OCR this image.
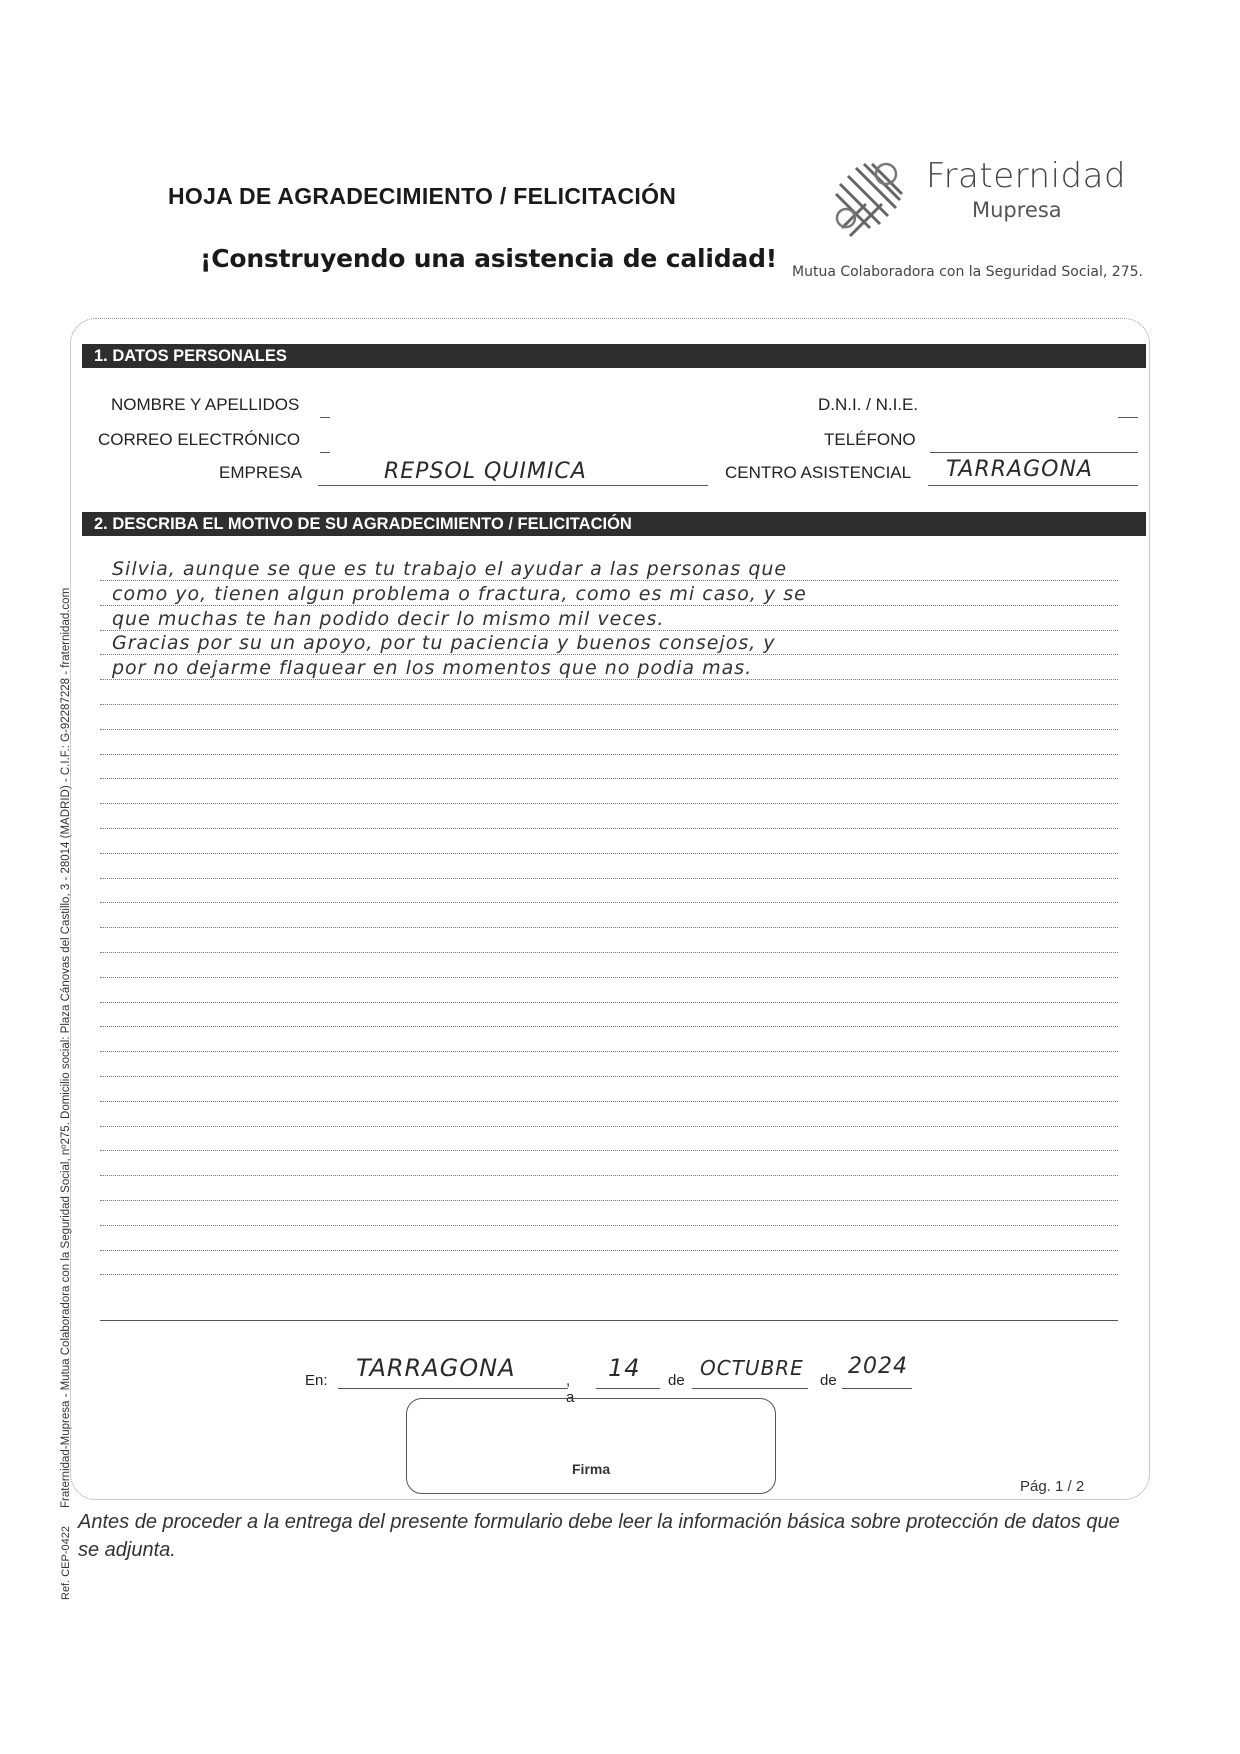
HOJA DE AGRADECIMIENTO / FELICITACIÓN
¡Construyendo una asistencia de calidad!
Fraternidad
Mupresa
Mutua Colaboradora con la Seguridad Social, 275.
Fraternidad-Mupresa - Mutua Colaboradora con la Seguridad Social, nº275. Domicilio social: Plaza Cánovas del Castillo, 3 - 28014 (MADRID) - C.I.F.: G-92287228 - fraternidad.com
Ref. CEP-0422
1. DATOS PERSONALES
NOMBRE Y APELLIDOS	D.N.I. / N.I.E.
CORREO ELECTRÓNICO	TELÉFONO
EMPRESA	REPSOL QUIMICA	CENTRO ASISTENCIAL TARRAGONA
2. DESCRIBA EL MOTIVO DE SU AGRADECIMIENTO / FELICITACIÓN
Silvia, aunque se que es tu trabajo el ayudar a las personas que
como yo, tienen algun problema o fractura, como es mi caso, y se
que muchas te han podido decir lo mismo mil veces.
Gracias por su un apoyo, por tu paciencia y buenos consejos, y
por no dejarme flaquear en los momentos que no podia mas.
En: TARRAGONA	, a
14 de
OCTUBRE
de
2024
Firma
Pág. 1 / 2
Antes de proceder a la entrega del presente formulario debe leer la información básica sobre protección de datos que se adjunta.
